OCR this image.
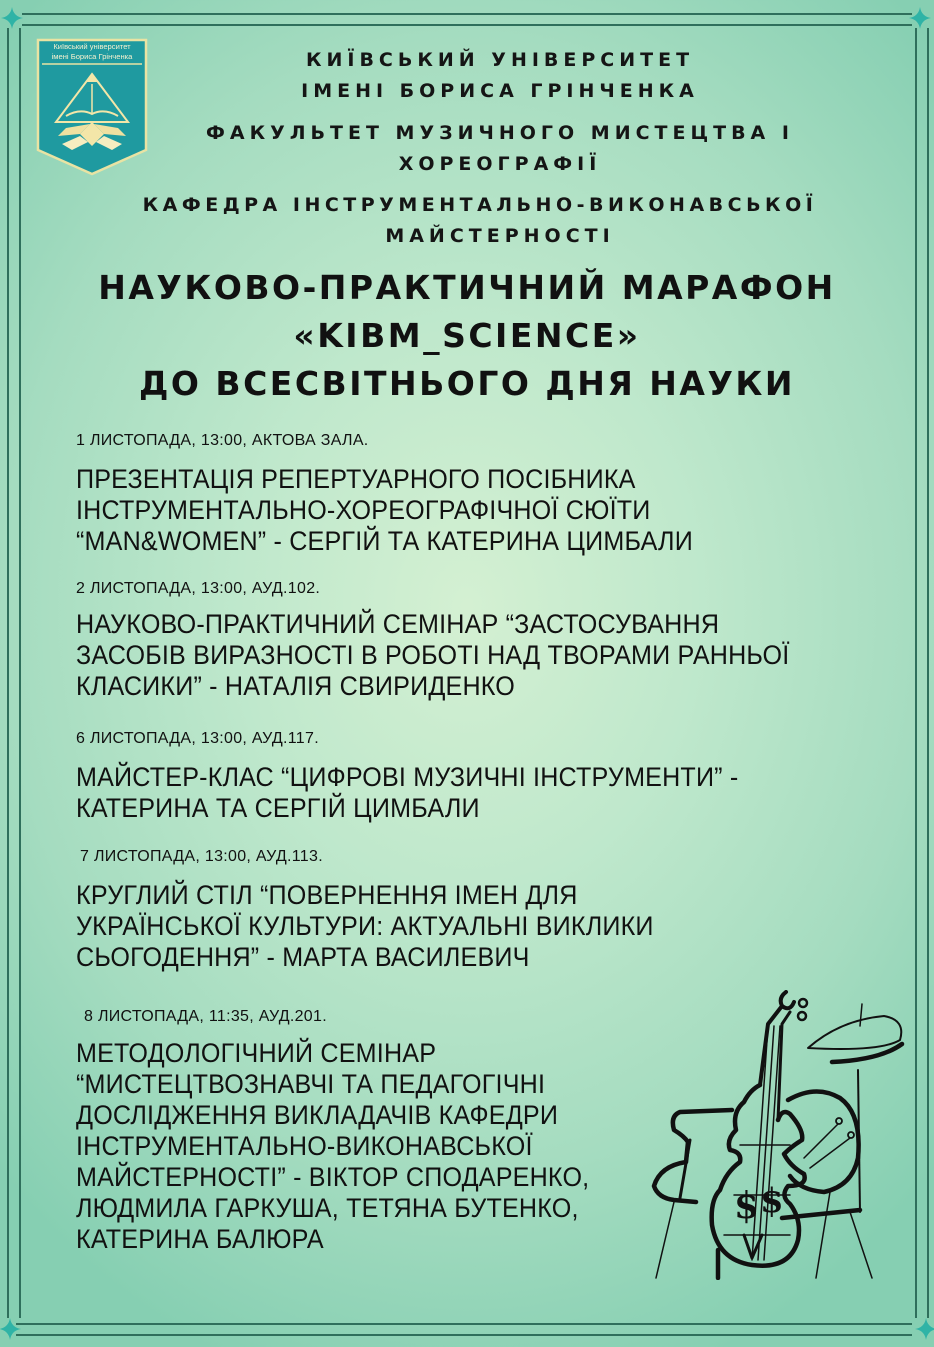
Київський університет
імені Бориса Грінченка	КИЇВСЬКИЙ УНІВЕРСИТЕТ
ІМЕНІ БОРИСА ГРІНЧЕНКА
ФАКУЛЬТЕТ МУЗИЧНОГО МИСТЕЦТВА І
ХОРЕОГРАФІЇ
КАФЕДРА ІНСТРУМЕНТАЛЬНО-ВИКОНАВСЬКОЇ
МАЙСТЕРНОСТІ
НАУКОВО-ПРАКТИЧНИЙ МАРАФОН
«KIBM_SCIENCE»
ДО ВСЕСВІТНЬОГО ДНЯ НАУКИ
1 ЛИСТОПАДА, 13:00, АКТОВА ЗАЛА.
ПРЕЗЕНТАЦІЯ РЕПЕРТУАРНОГО ПОСІБНИКА
ІНСТРУМЕНТАЛЬНО-ХОРЕОГРАФІЧНОЇ СЮЇТИ
“MAN&WOMEN” - СЕРГІЙ ТА КАТЕРИНА ЦИМБАЛИ
2 ЛИСТОПАДА, 13:00, АУД.102.
НАУКОВО-ПРАКТИЧНИЙ СЕМІНАР “ЗАСТОСУВАННЯ
ЗАСОБІВ ВИРАЗНОСТІ В РОБОТІ НАД ТВОРАМИ РАННЬОЇ
КЛАСИКИ” - НАТАЛІЯ СВИРИДЕНКО
6 ЛИСТОПАДА, 13:00, АУД.117.
МАЙСТЕР-КЛАС “ЦИФРОВІ МУЗИЧНІ ІНСТРУМЕНТИ” -
КАТЕРИНА ТА СЕРГІЙ ЦИМБАЛИ
7 ЛИСТОПАДА, 13:00, АУД.113.
КРУГЛИЙ СТІЛ “ПОВЕРНЕННЯ ІМЕН ДЛЯ
УКРАЇНСЬКОЇ КУЛЬТУРИ: АКТУАЛЬНІ ВИКЛИКИ
СЬОГОДЕННЯ” - МАРТА ВАСИЛЕВИЧ
8 ЛИСТОПАДА, 11:35, АУД.201.
МЕТОДОЛОГІЧНИЙ СЕМІНАР
“МИСТЕЦТВОЗНАВЧІ ТА ПЕДАГОГІЧНІ
ДОСЛІДЖЕННЯ ВИКЛАДАЧІВ КАФЕДРИ
ІНСТРУМЕНТАЛЬНО-ВИКОНАВСЬКОЇ
МАЙСТЕРНОСТІ” - ВІКТОР СПОДАРЕНКО,
ЛЮДМИЛА ГАРКУША, ТЕТЯНА БУТЕНКО,
КАТЕРИНА БАЛЮРА
$ $
